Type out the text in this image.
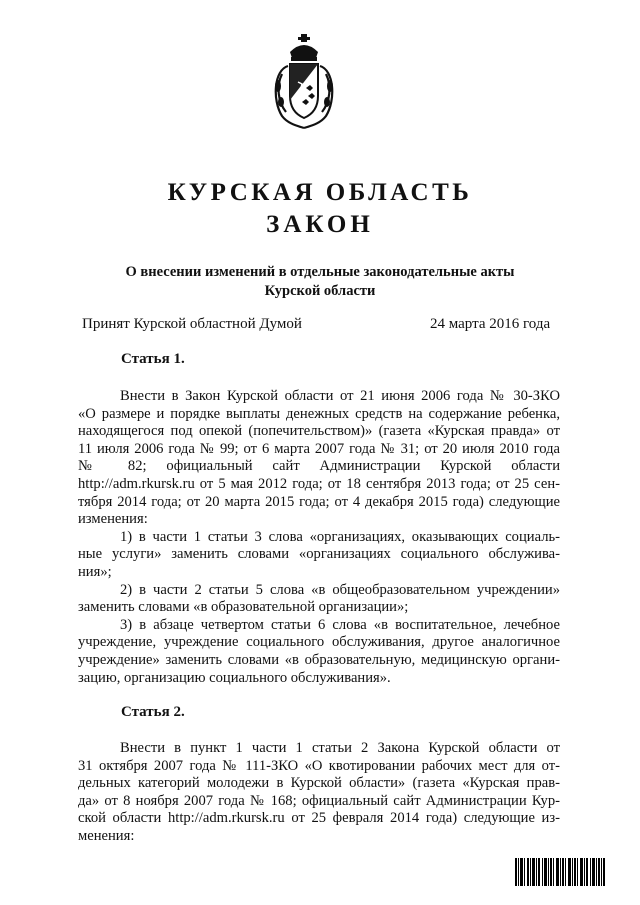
КУРСКАЯ ОБЛАСТЬ
ЗАКОН
О внесении изменений в отдельные законодательные акты
Курской области
Принят Курской областной Думой	24 марта 2016 года
Статья 1.
Внести в Закон Курской области от 21 июня 2006 года № 30-ЗКО
«О размере и порядке выплаты денежных средств на содержание ребенка,
находящегося под опекой (попечительством)» (газета «Курская правда» от
11 июля 2006 года № 99; от 6 марта 2007 года № 31; от 20 июля 2010 года
№ 82; официальный сайт Администрации Курской области
http://adm.rkursk.ru от 5 мая 2012 года; от 18 сентября 2013 года; от 25 сен-
тября 2014 года; от 20 марта 2015 года; от 4 декабря 2015 года) следующие
изменения:
1) в части 1 статьи 3 слова «организациях, оказывающих социаль-
ные услуги» заменить словами «организациях социального обслужива-
ния»;
2) в части 2 статьи 5 слова «в общеобразовательном учреждении»
заменить словами «в образовательной организации»;
3) в абзаце четвертом статьи 6 слова «в воспитательное, лечебное
учреждение, учреждение социального обслуживания, другое аналогичное
учреждение» заменить словами «в образовательную, медицинскую органи-
зацию, организацию социального обслуживания».
Статья 2.
Внести в пункт 1 части 1 статьи 2 Закона Курской области от
31 октября 2007 года № 111-ЗКО «О квотировании рабочих мест для от-
дельных категорий молодежи в Курской области» (газета «Курская прав-
да» от 8 ноября 2007 года № 168; официальный сайт Администрации Кур-
ской области http://adm.rkursk.ru от 25 февраля 2014 года) следующие из-
менения:
